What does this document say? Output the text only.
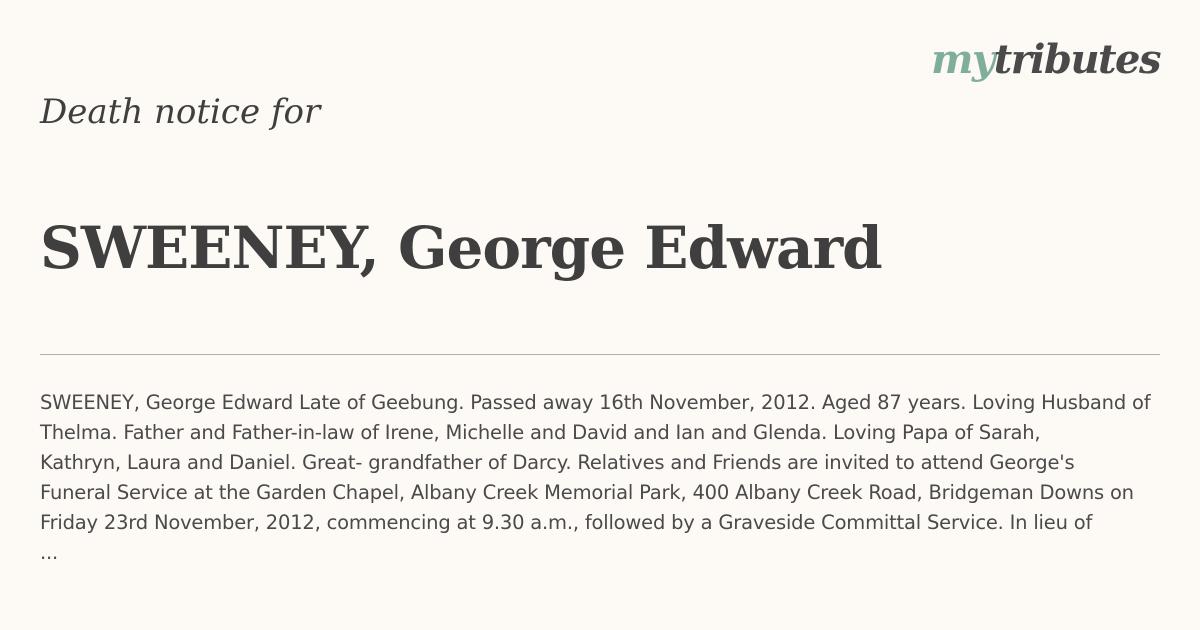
mytributes
Death notice for
SWEENEY, George Edward
SWEENEY, George Edward Late of Geebung. Passed away 16th November, 2012. Aged 87 years. Loving Husband of
Thelma. Father and Father-in-law of Irene, Michelle and David and Ian and Glenda. Loving Papa of Sarah,
Kathryn, Laura and Daniel. Great- grandfather of Darcy. Relatives and Friends are invited to attend George's
Funeral Service at the Garden Chapel, Albany Creek Memorial Park, 400 Albany Creek Road, Bridgeman Downs on
Friday 23rd November, 2012, commencing at 9.30 a.m., followed by a Graveside Committal Service. In lieu of
...
